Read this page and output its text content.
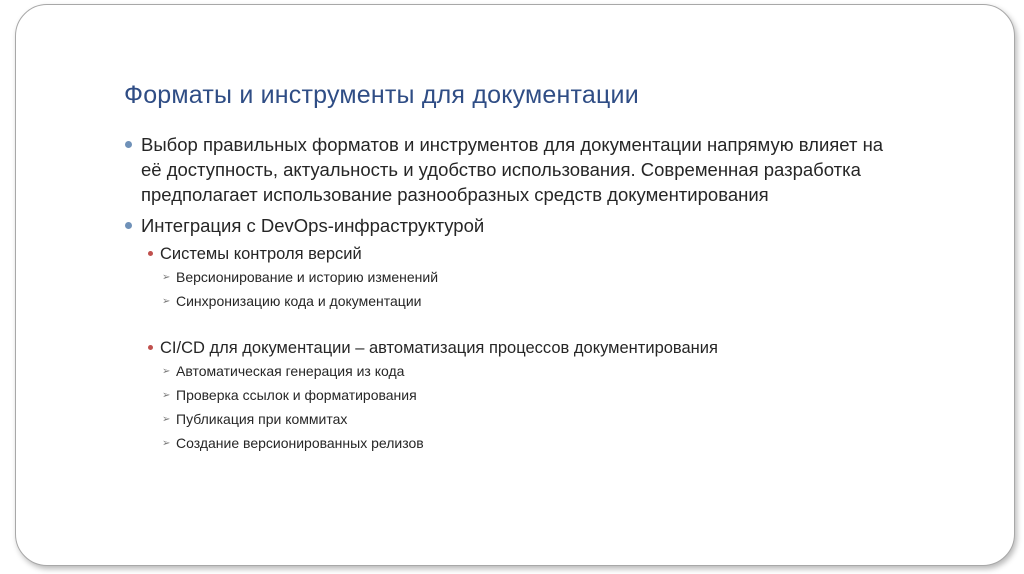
Форматы и инструменты для документации
Выбор правильных форматов и инструментов для документации напрямую влияет на её доступность, актуальность и удобство использования. Современная разработка предполагает использование разнообразных средств документирования
Интеграция с DevOps-инфраструктурой
Системы контроля версий
➢ Версионирование и историю изменений
➢ Синхронизацию кода и документации
CI/CD для документации – автоматизация процессов документирования
➢ Автоматическая генерация из кода
➢ Проверка ссылок и форматирования
➢ Публикация при коммитах
➢ Создание версионированных релизов
